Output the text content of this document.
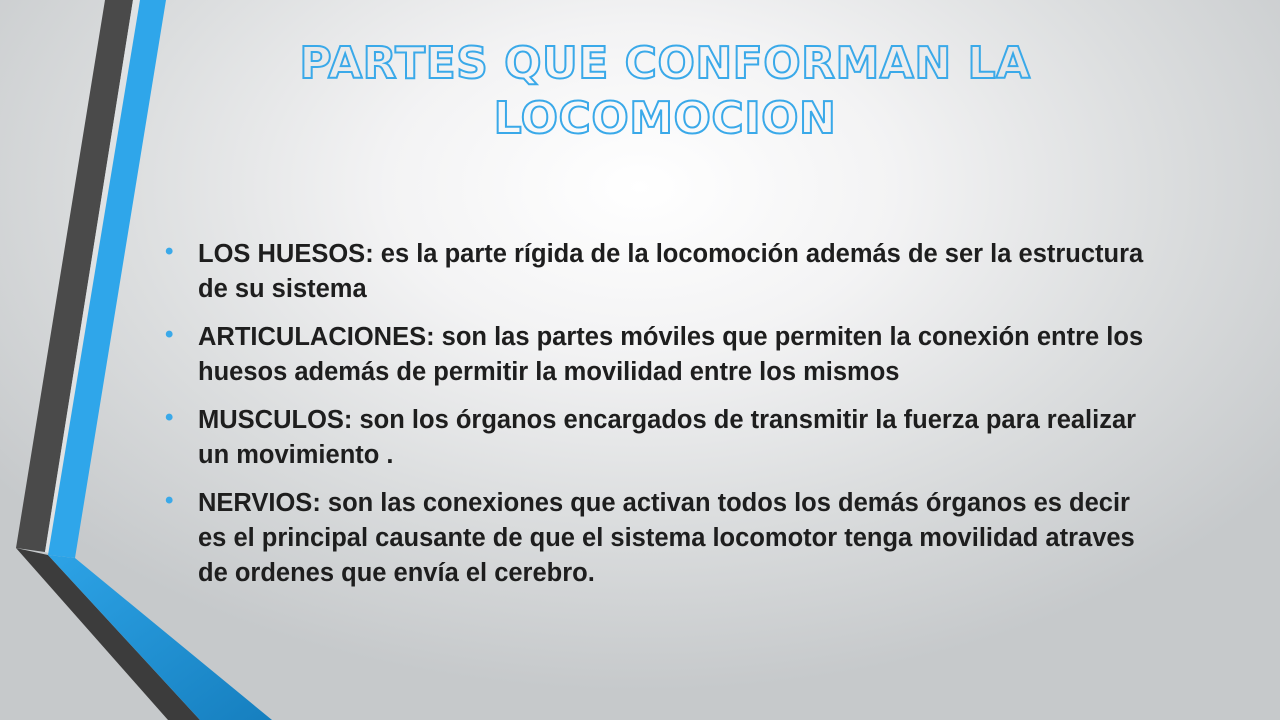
PARTES QUE CONFORMAN LA LOCOMOCION
• LOS HUESOS: es la parte rígida de la locomoción además de ser la estructura de su sistema
• ARTICULACIONES: son las partes móviles que permiten la conexión entre los huesos además de permitir la movilidad entre los mismos
• MUSCULOS: son los órganos encargados de transmitir la fuerza para realizar un movimiento .
• NERVIOS: son las conexiones que activan todos los demás órganos es decir es el principal causante de que el sistema locomotor tenga movilidad atraves de ordenes que envía el cerebro.
